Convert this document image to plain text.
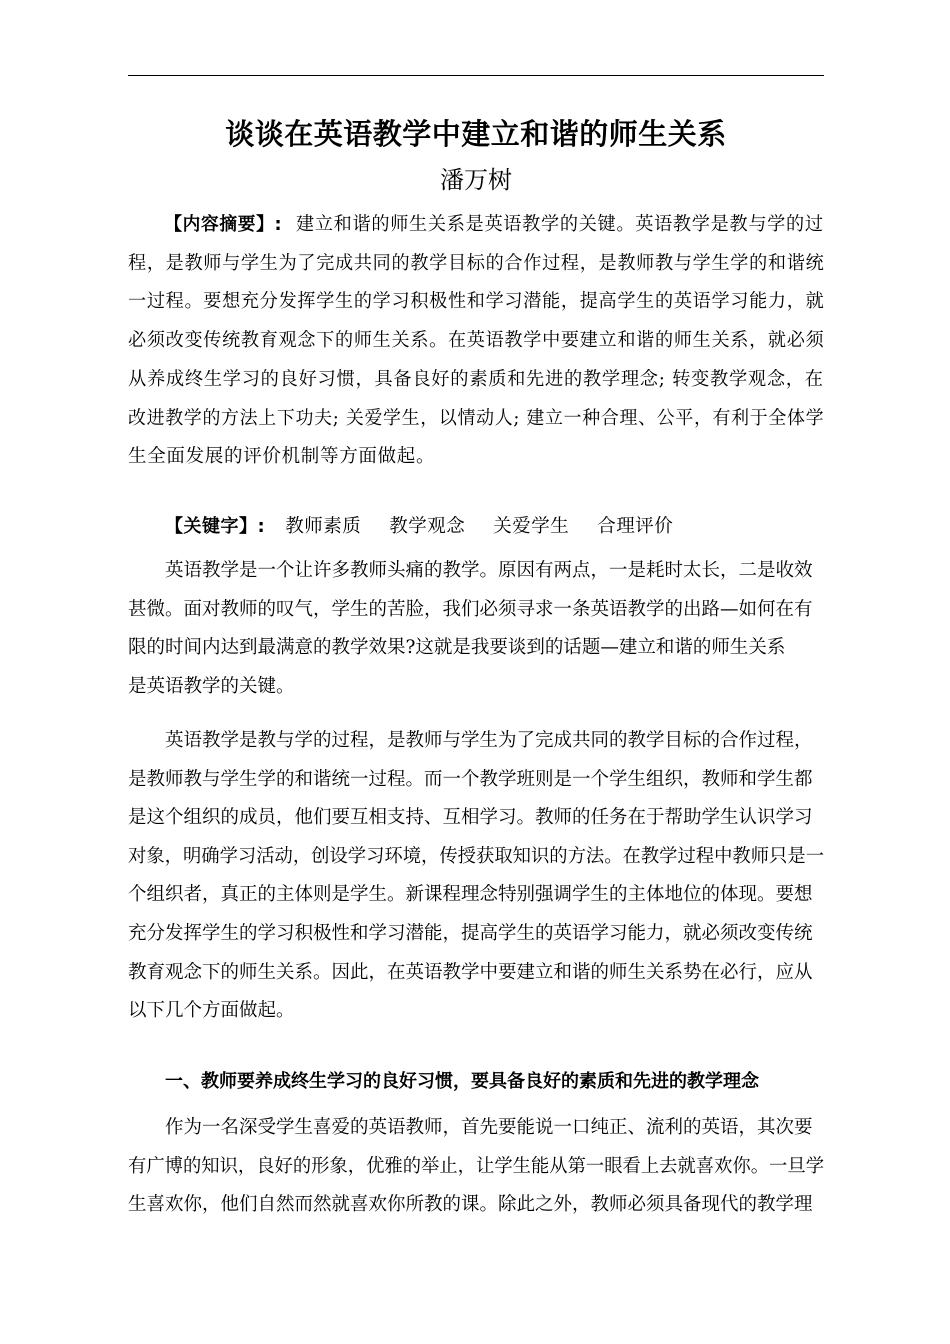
谈谈在英语教学中建立和谐的师生关系
潘万树
【内容摘要】: 建立和谐的师生关系是英语教学的关键。英语教学是教与学的过
程，是教师与学生为了完成共同的教学目标的合作过程，是教师教与学生学的和谐统
一过程。要想充分发挥学生的学习积极性和学习潜能，提高学生的英语学习能力，就
必须改变传统教育观念下的师生关系。在英语教学中要建立和谐的师生关系，就必须
从养成终生学习的良好习惯，具备良好的素质和先进的教学理念; 转变教学观念，在
改进教学的方法上下功夫; 关爱学生，以情动人; 建立一种合理、公平，有利于全体学
生全面发展的评价机制等方面做起。
【关键字】: 教师素质 教学观念 关爱学生 合理评价
英语教学是一个让许多教师头痛的教学。原因有两点，一是耗时太长，二是收效
甚微。面对教师的叹气，学生的苦脸，我们必须寻求一条英语教学的出路—如何在有
限的时间内达到最满意的教学效果?这就是我要谈到的话题—建立和谐的师生关系
是英语教学的关键。
英语教学是教与学的过程，是教师与学生为了完成共同的教学目标的合作过程，
是教师教与学生学的和谐统一过程。而一个教学班则是一个学生组织，教师和学生都
是这个组织的成员，他们要互相支持、互相学习。教师的任务在于帮助学生认识学习
对象，明确学习活动，创设学习环境，传授获取知识的方法。在教学过程中教师只是一
个组织者，真正的主体则是学生。新课程理念特别强调学生的主体地位的体现。要想
充分发挥学生的学习积极性和学习潜能，提高学生的英语学习能力，就必须改变传统
教育观念下的师生关系。因此，在英语教学中要建立和谐的师生关系势在必行，应从
以下几个方面做起。
一、教师要养成终生学习的良好习惯，要具备良好的素质和先进的教学理念
作为一名深受学生喜爱的英语教师，首先要能说一口纯正、流利的英语，其次要
有广博的知识，良好的形象，优雅的举止，让学生能从第一眼看上去就喜欢你。一旦学
生喜欢你，他们自然而然就喜欢你所教的课。除此之外，教师必须具备现代的教学理
